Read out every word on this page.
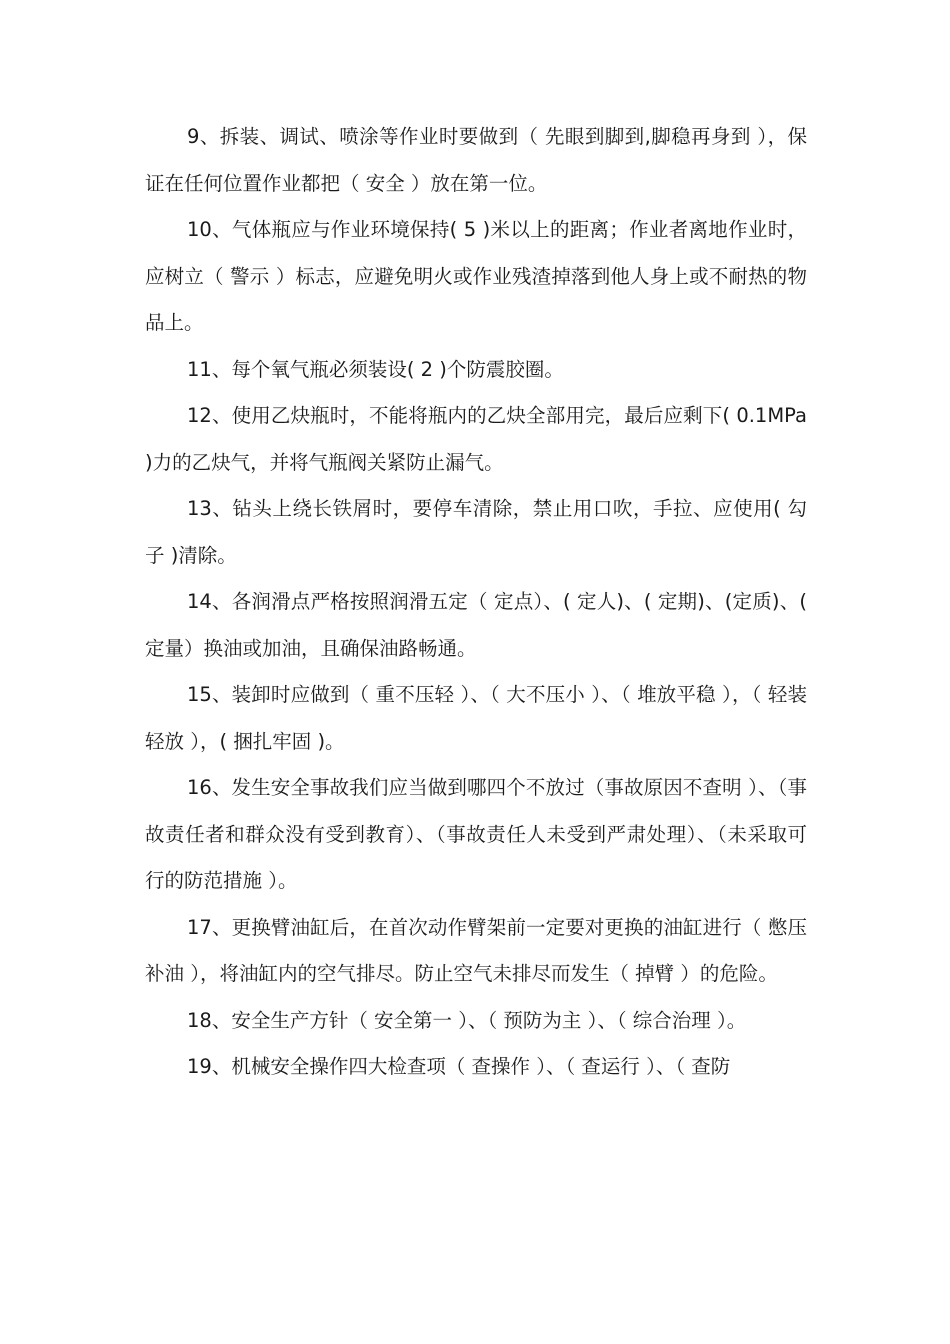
9、拆装、调试、喷涂等作业时要做到（ 先眼到脚到,脚稳再身到 ），保证在任何位置作业都把（ 安全 ）放在第一位。

10、气体瓶应与作业环境保持( 5 )米以上的距离；作业者离地作业时，应树立（ 警示 ）标志，应避免明火或作业残渣掉落到他人身上或不耐热的物品上。

11、每个氧气瓶必须装设( 2 )个防震胶圈。

12、使用乙炔瓶时，不能将瓶内的乙炔全部用完，最后应剩下( 0.1MPa )力的乙炔气，并将气瓶阀关紧防止漏气。

13、钻头上绕长铁屑时，要停车清除，禁止用口吹，手拉、应使用( 勾子 )清除。

14、各润滑点严格按照润滑五定（ 定点）、( 定人)、( 定期)、(定质)、( 定量）换油或加油，且确保油路畅通。

15、装卸时应做到（ 重不压轻 ）、（ 大不压小 ）、（ 堆放平稳 ），（ 轻装轻放 ），( 捆扎牢固 )。

16、发生安全事故我们应当做到哪四个不放过（事故原因不查明 ）、（事故责任者和群众没有受到教育）、（事故责任人未受到严肃处理）、（未采取可行的防范措施 ）。

17、更换臂油缸后，在首次动作臂架前一定要对更换的油缸进行（ 憋压补油 ），将油缸内的空气排尽。防止空气未排尽而发生（ 掉臂 ）的危险。

18、安全生产方针（ 安全第一 ）、（ 预防为主 ）、（ 综合治理 ）。

19、机械安全操作四大检查项（ 查操作 ）、（ 查运行 ）、（ 查防
